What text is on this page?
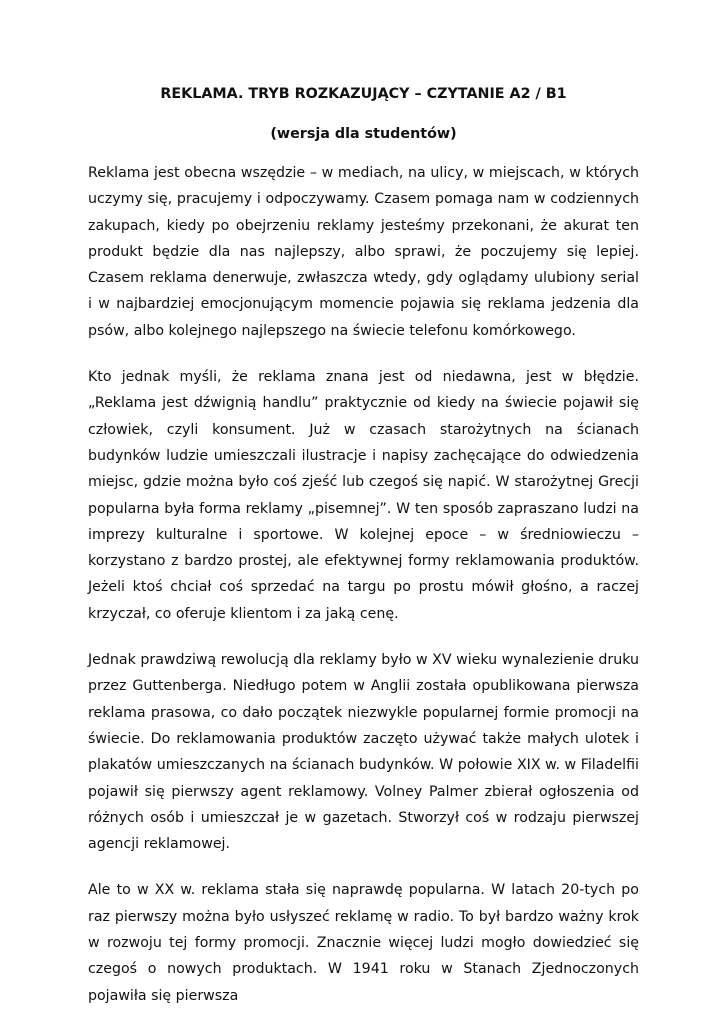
REKLAMA. TRYB ROZKAZUJĄCY – CZYTANIE A2 / B1
(wersja dla studentów)

Reklama jest obecna wszędzie – w mediach, na ulicy, w miejscach, w których uczymy się, pracujemy i odpoczywamy. Czasem pomaga nam w codziennych zakupach, kiedy po obejrzeniu reklamy jesteśmy przekonani, że akurat ten produkt będzie dla nas najlepszy, albo sprawi, że poczujemy się lepiej. Czasem reklama denerwuje, zwłaszcza wtedy, gdy oglądamy ulubiony serial i w najbardziej emocjonującym momencie pojawia się reklama jedzenia dla psów, albo kolejnego najlepszego na świecie telefonu komórkowego.

Kto jednak myśli, że reklama znana jest od niedawna, jest w błędzie. „Reklama jest dźwignią handlu” praktycznie od kiedy na świecie pojawił się człowiek, czyli konsument. Już w czasach starożytnych na ścianach budynków ludzie umieszczali ilustracje i napisy zachęcające do odwiedzenia miejsc, gdzie można było coś zjeść lub czegoś się napić. W starożytnej Grecji popularna była forma reklamy „pisemnej”. W ten sposób zapraszano ludzi na imprezy kulturalne i sportowe. W kolejnej epoce – w średniowieczu – korzystano z bardzo prostej, ale efektywnej formy reklamowania produktów. Jeżeli ktoś chciał coś sprzedać na targu po prostu mówił głośno, a raczej krzyczał, co oferuje klientom i za jaką cenę.

Jednak prawdziwą rewolucją dla reklamy było w XV wieku wynalezienie druku przez Guttenberga. Niedługo potem w Anglii została opublikowana pierwsza reklama prasowa, co dało początek niezwykle popularnej formie promocji na świecie. Do reklamowania produktów zaczęto używać także małych ulotek i plakatów umieszczanych na ścianach budynków. W połowie XIX w. w Filadelfii pojawił się pierwszy agent reklamowy. Volney Palmer zbierał ogłoszenia od różnych osób i umieszczał je w gazetach. Stworzył coś w rodzaju pierwszej agencji reklamowej.

Ale to w XX w. reklama stała się naprawdę popularna. W latach 20-tych po raz pierwszy można było usłyszeć reklamę w radio. To był bardzo ważny krok w rozwoju tej formy promocji. Znacznie więcej ludzi mogło dowiedzieć się czegoś o nowych produktach. W 1941 roku w Stanach Zjednoczonych pojawiła się pierwsza
